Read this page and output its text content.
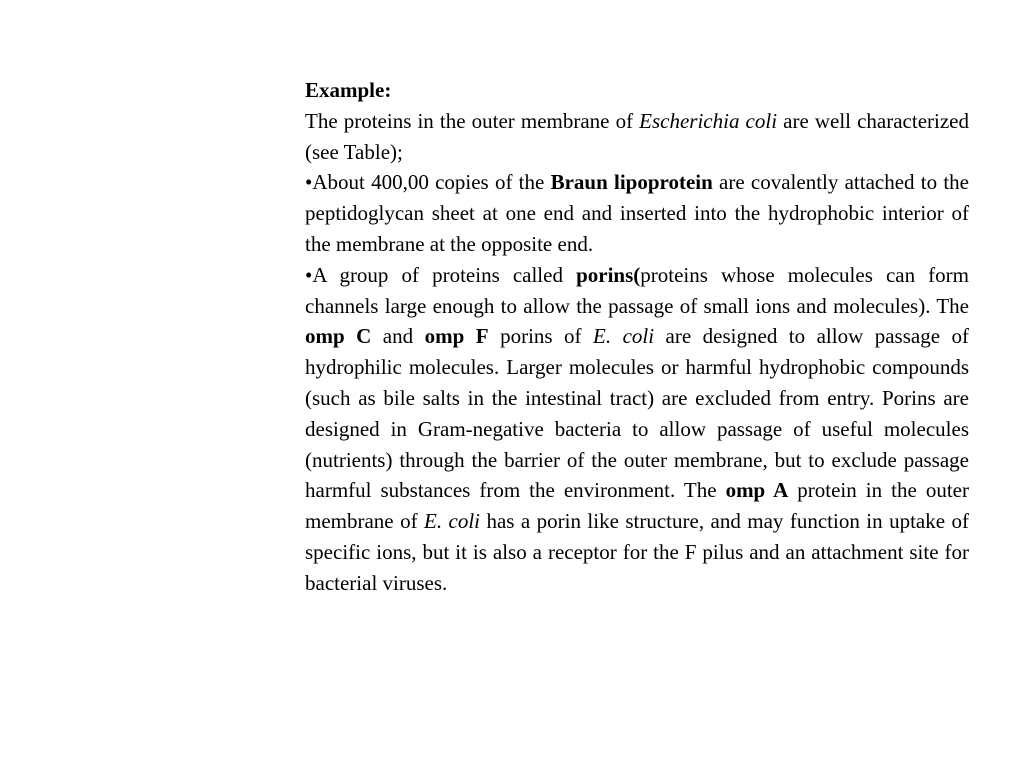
Example:

The proteins in the outer membrane of Escherichia coli are well characterized (see Table);

•About 400,00 copies of the Braun lipoprotein are covalently attached to the peptidoglycan sheet at one end and inserted into the hydrophobic interior of the membrane at the opposite end.

•A group of proteins called porins(proteins whose molecules can form channels large enough to allow the passage of small ions and molecules). The omp C and omp F porins of E. coli are designed to allow passage of hydrophilic molecules. Larger molecules or harmful hydrophobic compounds (such as bile salts in the intestinal tract) are excluded from entry. Porins are designed in Gram-negative bacteria to allow passage of useful molecules (nutrients) through the barrier of the outer membrane, but to exclude passage harmful substances from the environment. The omp A protein in the outer membrane of E. coli has a porin like structure, and may function in uptake of specific ions, but it is also a receptor for the F pilus and an attachment site for bacterial viruses.
